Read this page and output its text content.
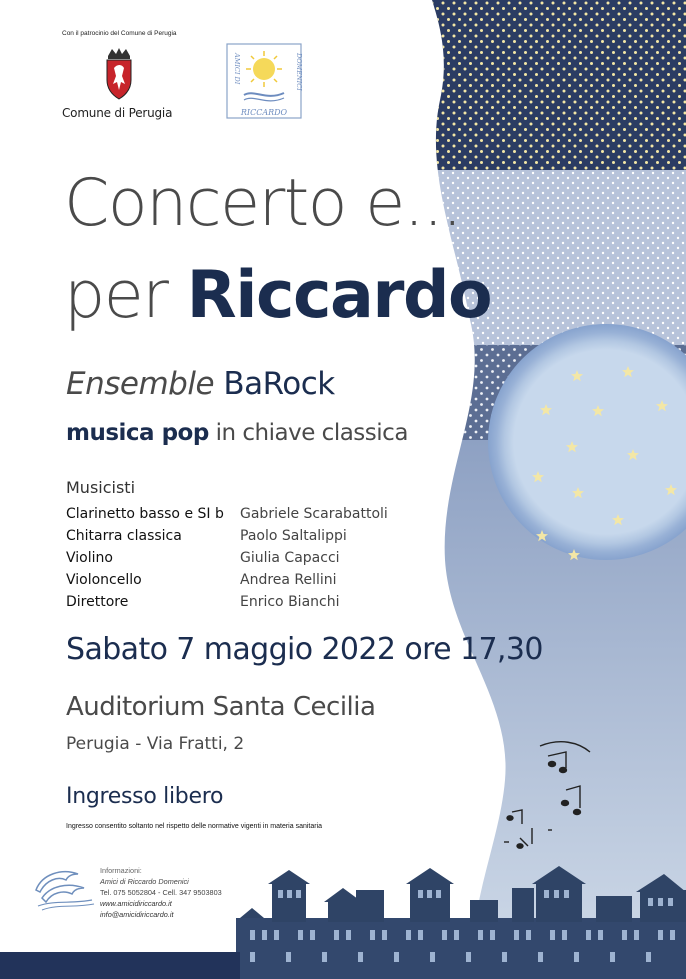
Con il patrocinio del Comune di Perugia
Comune di Perugia
AMICI DI	DOMENICI
RICCARDO
Concerto e...
per Riccardo
Ensemble BaRock
musica pop in chiave classica
Musicisti
Clarinetto basso e SI b	Gabriele Scarabattoli
Chitarra classica	Paolo Saltalippi
Violino	Giulia Capacci
Violoncello	Andrea Rellini
Direttore	Enrico Bianchi
Sabato 7 maggio 2022 ore 17,30
Auditorium Santa Cecilia
Perugia - Via Fratti, 2
Ingresso libero
Ingresso consentito soltanto nel rispetto delle normative vigenti in materia sanitaria
Informazioni:
Amici di Riccardo Domenici
Tel. 075 5052804 - Cell. 347 9503803
www.amicidiriccardo.it
info@amicidiriccardo.it
